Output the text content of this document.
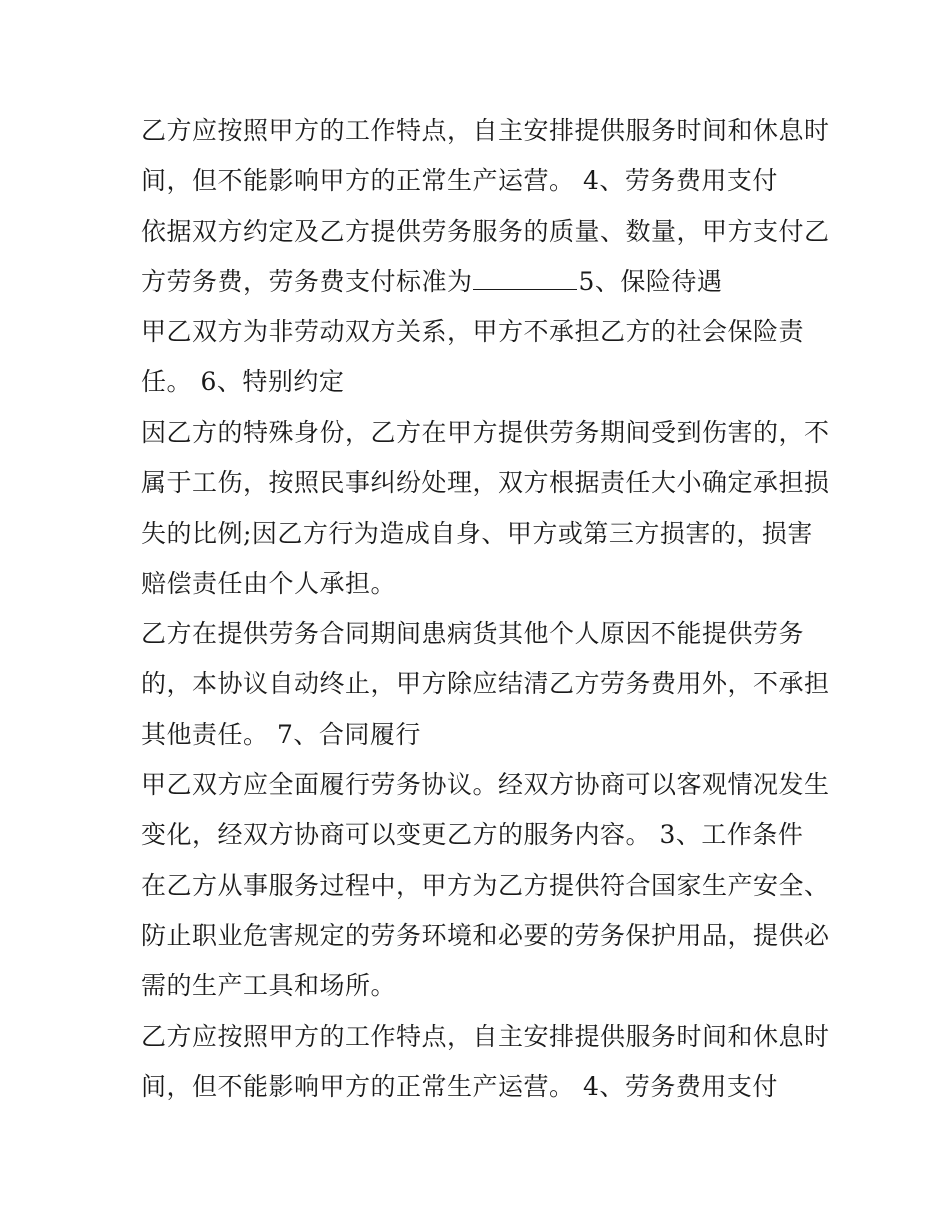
乙方应按照甲方的工作特点，自主安排提供服务时间和休息时
间，但不能影响甲方的正常生产运营。 4、劳务费用支付
依据双方约定及乙方提供劳务服务的质量、数量，甲方支付乙
方劳务费，劳务费支付标准为	5、保险待遇
甲乙双方为非劳动双方关系，甲方不承担乙方的社会保险责
任。 6、特别约定
因乙方的特殊身份，乙方在甲方提供劳务期间受到伤害的，不
属于工伤，按照民事纠纷处理，双方根据责任大小确定承担损
失的比例;因乙方行为造成自身、甲方或第三方损害的，损害
赔偿责任由个人承担。
乙方在提供劳务合同期间患病货其他个人原因不能提供劳务
的，本协议自动终止，甲方除应结清乙方劳务费用外，不承担
其他责任。 7、合同履行
甲乙双方应全面履行劳务协议。经双方协商可以客观情况发生
变化，经双方协商可以变更乙方的服务内容。 3、工作条件
在乙方从事服务过程中，甲方为乙方提供符合国家生产安全、
防止职业危害规定的劳务环境和必要的劳务保护用品，提供必
需的生产工具和场所。
乙方应按照甲方的工作特点，自主安排提供服务时间和休息时
间，但不能影响甲方的正常生产运营。 4、劳务费用支付
